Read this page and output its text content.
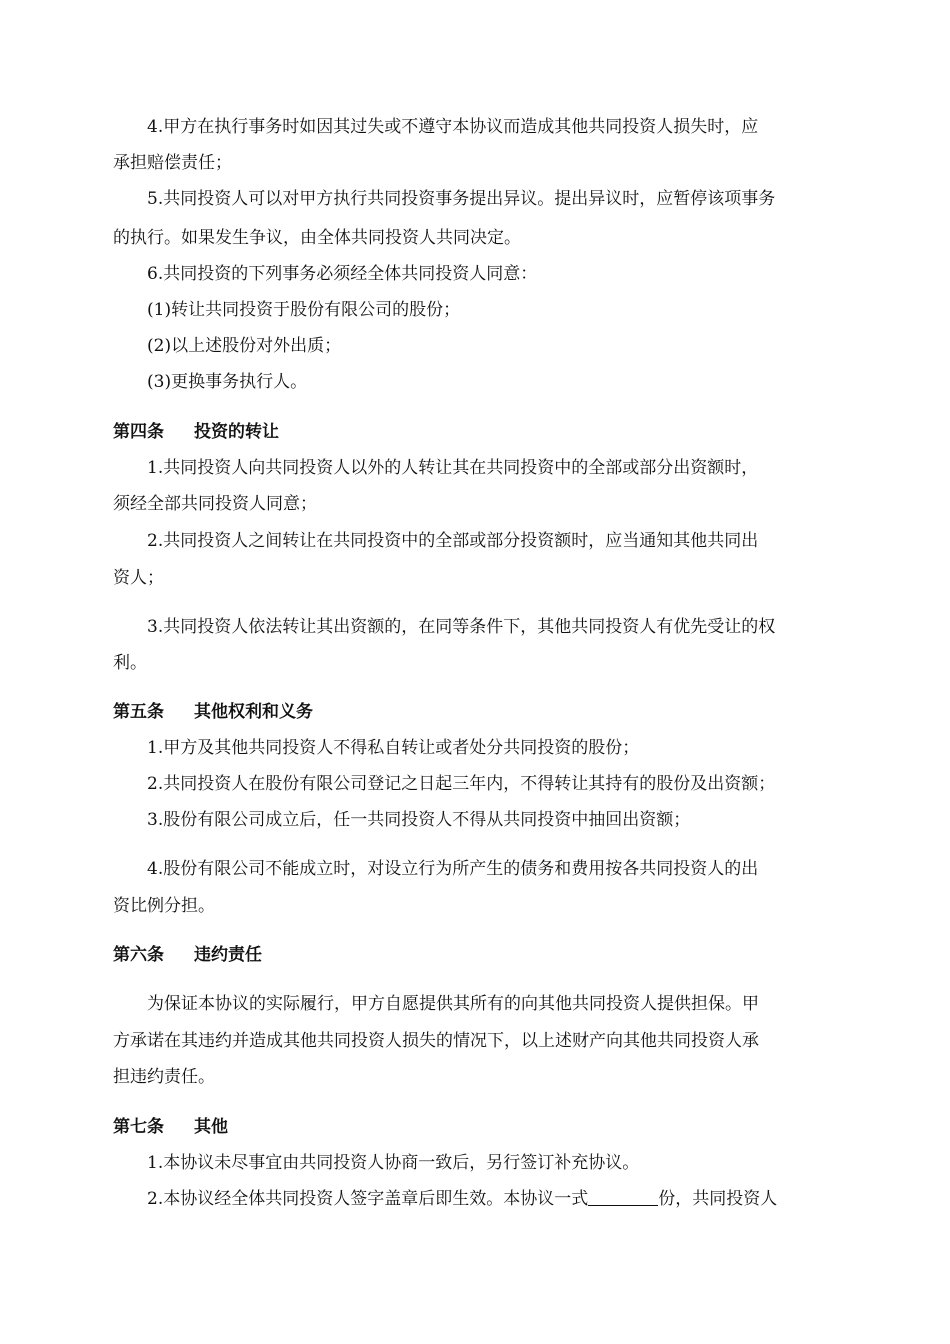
4.甲方在执行事务时如因其过失或不遵守本协议而造成其他共同投资人损失时，应
承担赔偿责任；
5.共同投资人可以对甲方执行共同投资事务提出异议。提出异议时，应暂停该项事务
的执行。如果发生争议，由全体共同投资人共同决定。
6.共同投资的下列事务必须经全体共同投资人同意：
(1)转让共同投资于股份有限公司的股份；
(2)以上述股份对外出质；
(3)更换事务执行人。
第四条 投资的转让
1.共同投资人向共同投资人以外的人转让其在共同投资中的全部或部分出资额时，
须经全部共同投资人同意；
2.共同投资人之间转让在共同投资中的全部或部分投资额时，应当通知其他共同出
资人；
3.共同投资人依法转让其出资额的，在同等条件下，其他共同投资人有优先受让的权
利。
第五条 其他权利和义务
1.甲方及其他共同投资人不得私自转让或者处分共同投资的股份；
2.共同投资人在股份有限公司登记之日起三年内，不得转让其持有的股份及出资额；
3.股份有限公司成立后，任一共同投资人不得从共同投资中抽回出资额；
4.股份有限公司不能成立时，对设立行为所产生的债务和费用按各共同投资人的出
资比例分担。
第六条 违约责任
为保证本协议的实际履行，甲方自愿提供其所有的向其他共同投资人提供担保。甲
方承诺在其违约并造成其他共同投资人损失的情况下，以上述财产向其他共同投资人承
担违约责任。
第七条 其他
1.本协议未尽事宜由共同投资人协商一致后，另行签订补充协议。
2.本协议经全体共同投资人签字盖章后即生效。本协议一式	份，共同投资人
